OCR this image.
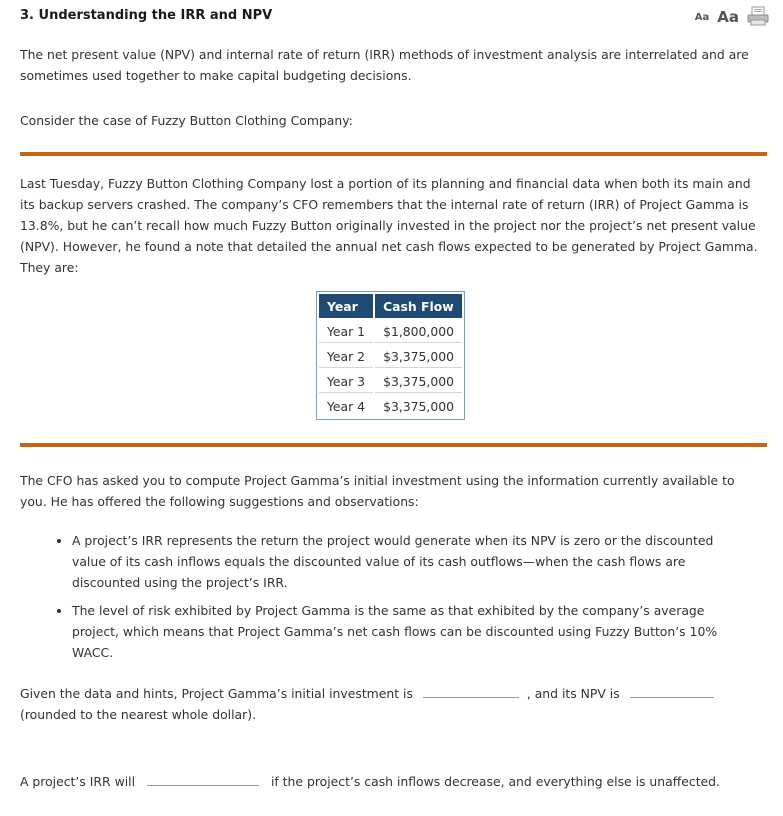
3. Understanding the IRR and NPV	Aa Aa

The net present value (NPV) and internal rate of return (IRR) methods of investment analysis are interrelated and are sometimes used together to make capital budgeting decisions.

Consider the case of Fuzzy Button Clothing Company:

Last Tuesday, Fuzzy Button Clothing Company lost a portion of its planning and financial data when both its main and its backup servers crashed. The company’s CFO remembers that the internal rate of return (IRR) of Project Gamma is 13.8%, but he can’t recall how much Fuzzy Button originally invested in the project nor the project’s net present value (NPV). However, he found a note that detailed the annual net cash flows expected to be generated by Project Gamma. They are:

Year	Cash Flow
Year 1	$1,800,000
Year 2	$3,375,000
Year 3	$3,375,000
Year 4	$3,375,000

The CFO has asked you to compute Project Gamma’s initial investment using the information currently available to you. He has offered the following suggestions and observations:

• A project’s IRR represents the return the project would generate when its NPV is zero or the discounted value of its cash inflows equals the discounted value of its cash outflows—when the cash flows are discounted using the project’s IRR.
• The level of risk exhibited by Project Gamma is the same as that exhibited by the company’s average project, which means that Project Gamma’s net cash flows can be discounted using Fuzzy Button’s 10% WACC.

Given the data and hints, Project Gamma’s initial investment is	, and its NPV is
(rounded to the nearest whole dollar).

A project’s IRR will	if the project’s cash inflows decrease, and everything else is unaffected.
